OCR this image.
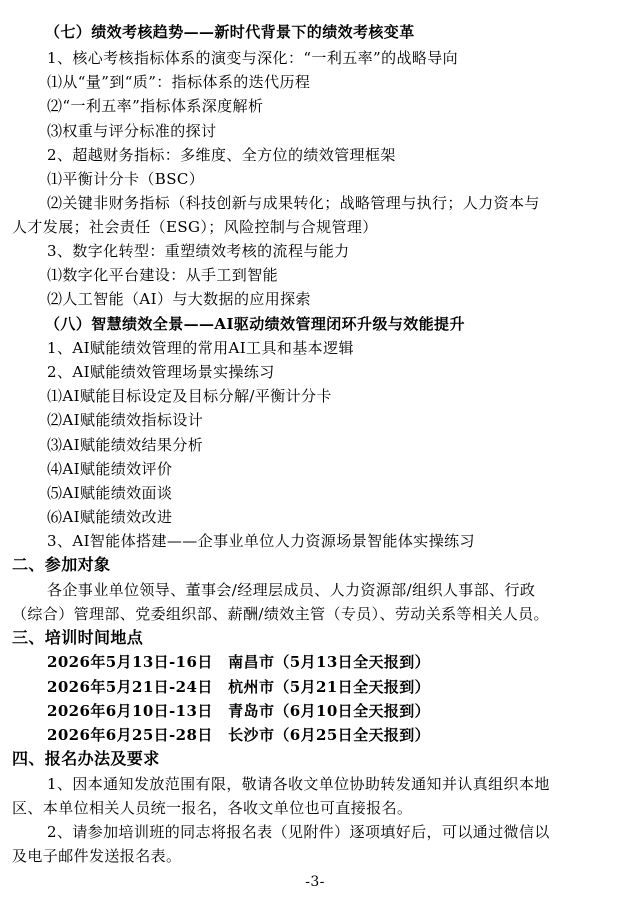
（七）绩效考核趋势——新时代背景下的绩效考核变革
1、核心考核指标体系的演变与深化：“一利五率”的战略导向
⑴从“量”到“质”：指标体系的迭代历程
⑵“一利五率”指标体系深度解析
⑶权重与评分标准的探讨
2、超越财务指标：多维度、全方位的绩效管理框架
⑴平衡计分卡（BSC）
⑵关键非财务指标（科技创新与成果转化；战略管理与执行；人力资本与
人才发展；社会责任（ESG）；风险控制与合规管理）
3、数字化转型：重塑绩效考核的流程与能力
⑴数字化平台建设：从手工到智能
⑵人工智能（AI）与大数据的应用探索
（八）智慧绩效全景——AI驱动绩效管理闭环升级与效能提升
1、AI赋能绩效管理的常用AI工具和基本逻辑
2、AI赋能绩效管理场景实操练习
⑴AI赋能目标设定及目标分解/平衡计分卡
⑵AI赋能绩效指标设计
⑶AI赋能绩效结果分析
⑷AI赋能绩效评价
⑸AI赋能绩效面谈
⑹AI赋能绩效改进
3、AI智能体搭建——企事业单位人力资源场景智能体实操练习
二、参加对象
各企事业单位领导、董事会/经理层成员、人力资源部/组织人事部、行政
（综合）管理部、党委组织部、薪酬/绩效主管（专员）、劳动关系等相关人员。
三、培训时间地点
2026年5月13日-16日　南昌市（5月13日全天报到）
2026年5月21日-24日　杭州市（5月21日全天报到）
2026年6月10日-13日　青岛市（6月10日全天报到）
2026年6月25日-28日　长沙市（6月25日全天报到）
四、报名办法及要求
1、因本通知发放范围有限，敬请各收文单位协助转发通知并认真组织本地
区、本单位相关人员统一报名，各收文单位也可直接报名。
2、请参加培训班的同志将报名表（见附件）逐项填好后，可以通过微信以
及电子邮件发送报名表。
-3-
